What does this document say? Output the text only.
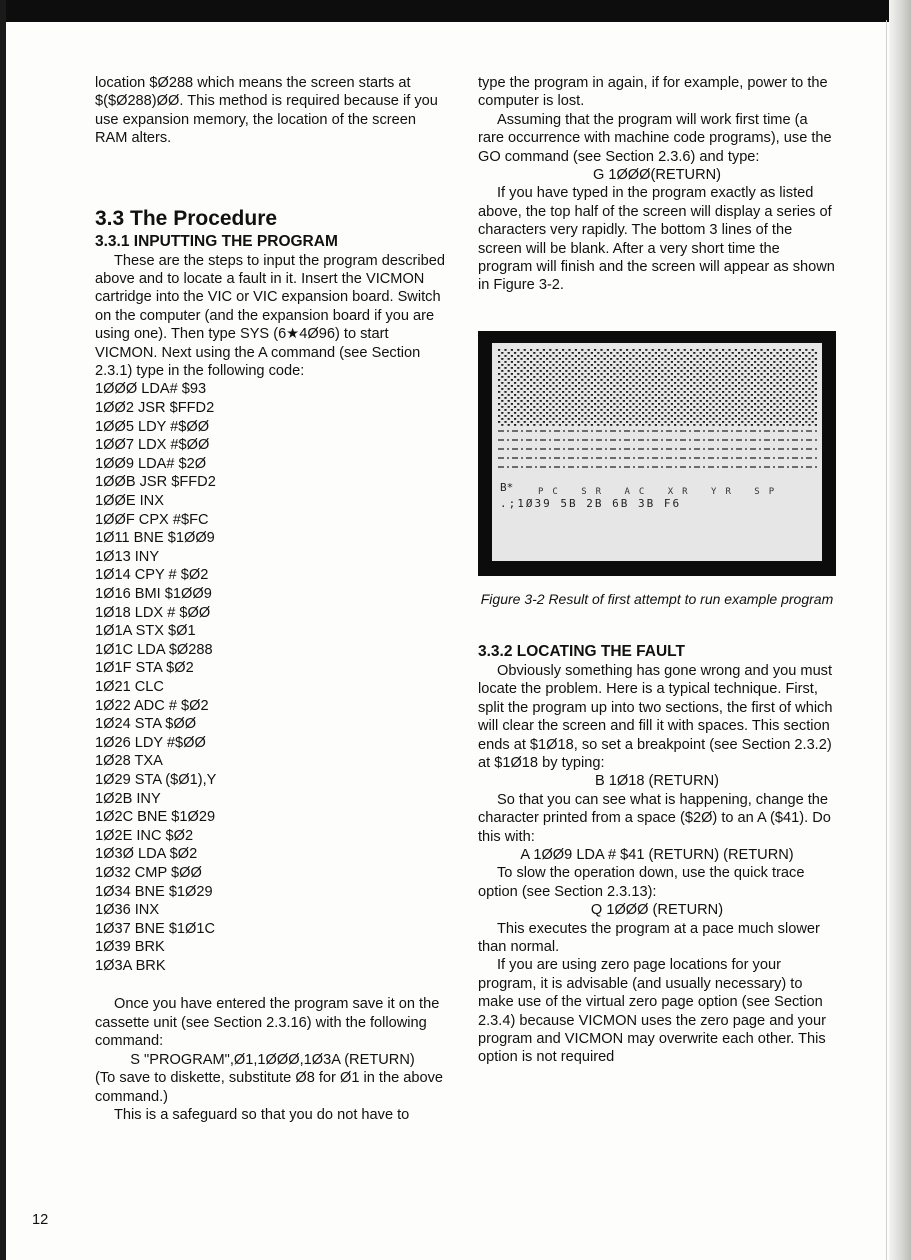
location $Ø288 which means the screen starts at $($Ø288)ØØ. This method is required because if you use expansion memory, the location of the screen RAM alters.

3.3 The Procedure
3.3.1 INPUTTING THE PROGRAM

These are the steps to input the program described above and to locate a fault in it. Insert the VICMON cartridge into the VIC or VIC expansion board. Switch on the computer (and the expansion board if you are using one). Then type SYS (6★4Ø96) to start VICMON. Next using the A command (see Section 2.3.1) type in the following code:

1ØØØ LDA# $93
1ØØ2 JSR $FFD2
1ØØ5 LDY #$ØØ
1ØØ7 LDX #$ØØ
1ØØ9 LDA# $2Ø
1ØØB JSR $FFD2
1ØØE INX
1ØØF CPX #$FC
1Ø11 BNE $1ØØ9
1Ø13 INY
1Ø14 CPY # $Ø2
1Ø16 BMI $1ØØ9
1Ø18 LDX # $ØØ
1Ø1A STX $Ø1
1Ø1C LDA $Ø288
1Ø1F STA $Ø2
1Ø21 CLC
1Ø22 ADC # $Ø2
1Ø24 STA $ØØ
1Ø26 LDY #$ØØ
1Ø28 TXA
1Ø29 STA ($Ø1),Y
1Ø2B INY
1Ø2C BNE $1Ø29
1Ø2E INC $Ø2
1Ø3Ø LDA $Ø2
1Ø32 CMP $ØØ
1Ø34 BNE $1Ø29
1Ø36 INX
1Ø37 BNE $1Ø1C
1Ø39 BRK
1Ø3A BRK

Once you have entered the program save it on the cassette unit (see Section 2.3.16) with the following command:

S "PROGRAM",Ø1,1ØØØ,1Ø3A (RETURN)

(To save to diskette, substitute Ø8 for Ø1 in the above command.)

This is a safeguard so that you do not have to

type the program in again, if for example, power to the computer is lost.

Assuming that the program will work first time (a rare occurrence with machine code programs), use the GO command (see Section 2.3.6) and type:

G 1ØØØ(RETURN)

If you have typed in the program exactly as listed above, the top half of the screen will display a series of characters very rapidly. The bottom 3 lines of the screen will be blank. After a very short time the program will finish and the screen will appear as shown in Figure 3-2.

B*	PC SR AC XR YR SP
.;1Ø39 5B 2B 6B 3B F6

Figure 3-2 Result of first attempt to run example program

3.3.2 LOCATING THE FAULT

Obviously something has gone wrong and you must locate the problem. Here is a typical technique. First, split the program up into two sections, the first of which will clear the screen and fill it with spaces. This section ends at $1Ø18, so set a breakpoint (see Section 2.3.2) at $1Ø18 by typing:

B 1Ø18 (RETURN)

So that you can see what is happening, change the character printed from a space ($2Ø) to an A ($41). Do this with:

A 1ØØ9 LDA # $41 (RETURN) (RETURN)

To slow the operation down, use the quick trace option (see Section 2.3.13):

Q 1ØØØ (RETURN)

This executes the program at a pace much slower than normal.

If you are using zero page locations for your program, it is advisable (and usually necessary) to make use of the virtual zero page option (see Section 2.3.4) because VICMON uses the zero page and your program and VICMON may overwrite each other. This option is not required

12
